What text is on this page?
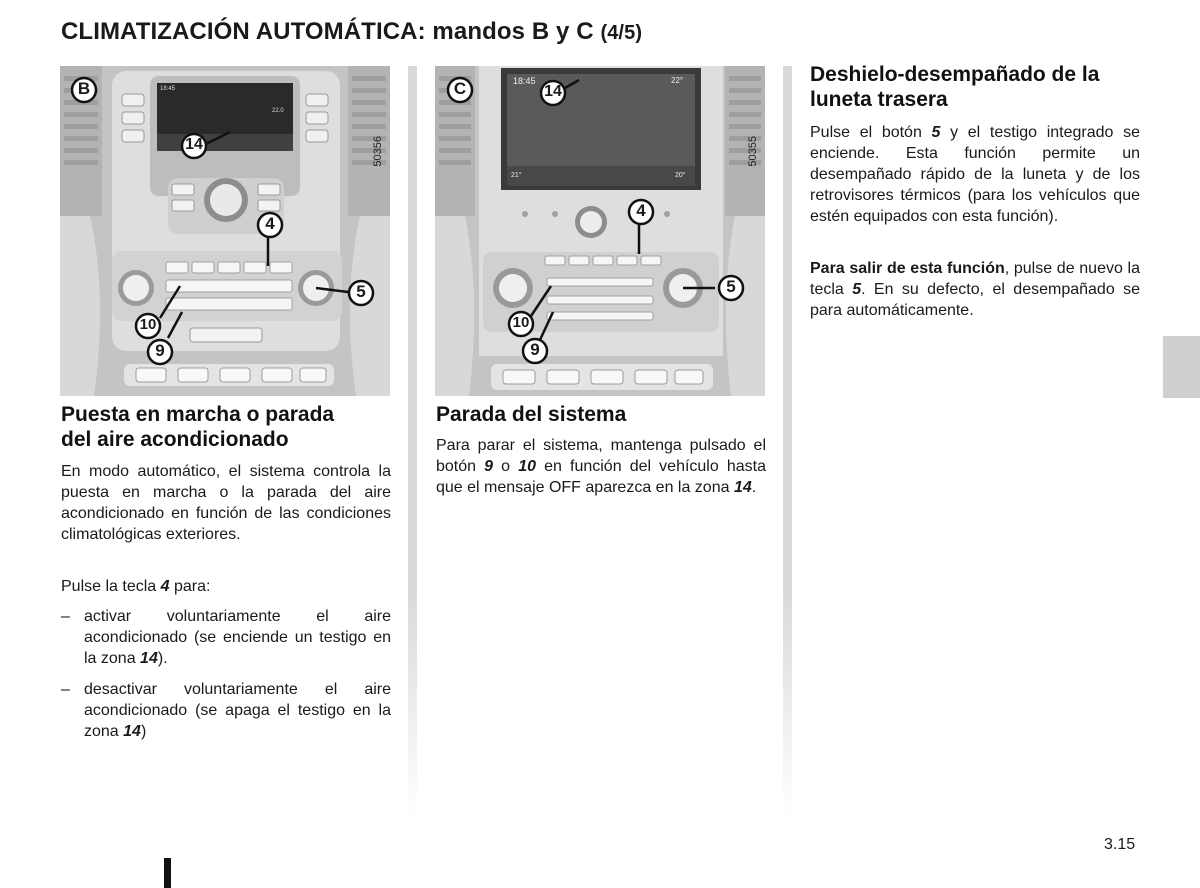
CLIMATIZACIÓN AUTOMÁTICA: mandos B y C (4/5)
B
14
4
5
10
9
18:45
22.0
50356
C	14
4
5
10
9
18:45	22°
21°	20°
50355
Puesta en marcha o parada
del aire acondicionado
En modo automático, el sistema controla la puesta en marcha o la parada del aire acondicionado en función de las condiciones climatológicas exteriores.
Pulse la tecla 4 para:
– activar voluntariamente el aire acondicionado (se enciende un testigo en la zona 14).
– desactivar voluntariamente el aire acondicionado (se apaga el testigo en la zona 14)
Parada del sistema
Para parar el sistema, mantenga pulsado el botón 9 o 10 en función del vehículo hasta que el mensaje OFF aparezca en la zona 14.
Deshielo-desempañado de la
luneta trasera
Pulse el botón 5 y el testigo integrado se enciende. Esta función permite un desempañado rápido de la luneta y de los retrovisores térmicos (para los vehículos que estén equipados con esta función).
Para salir de esta función, pulse de nuevo la tecla 5. En su defecto, el desempañado se para automáticamente.
3.15
